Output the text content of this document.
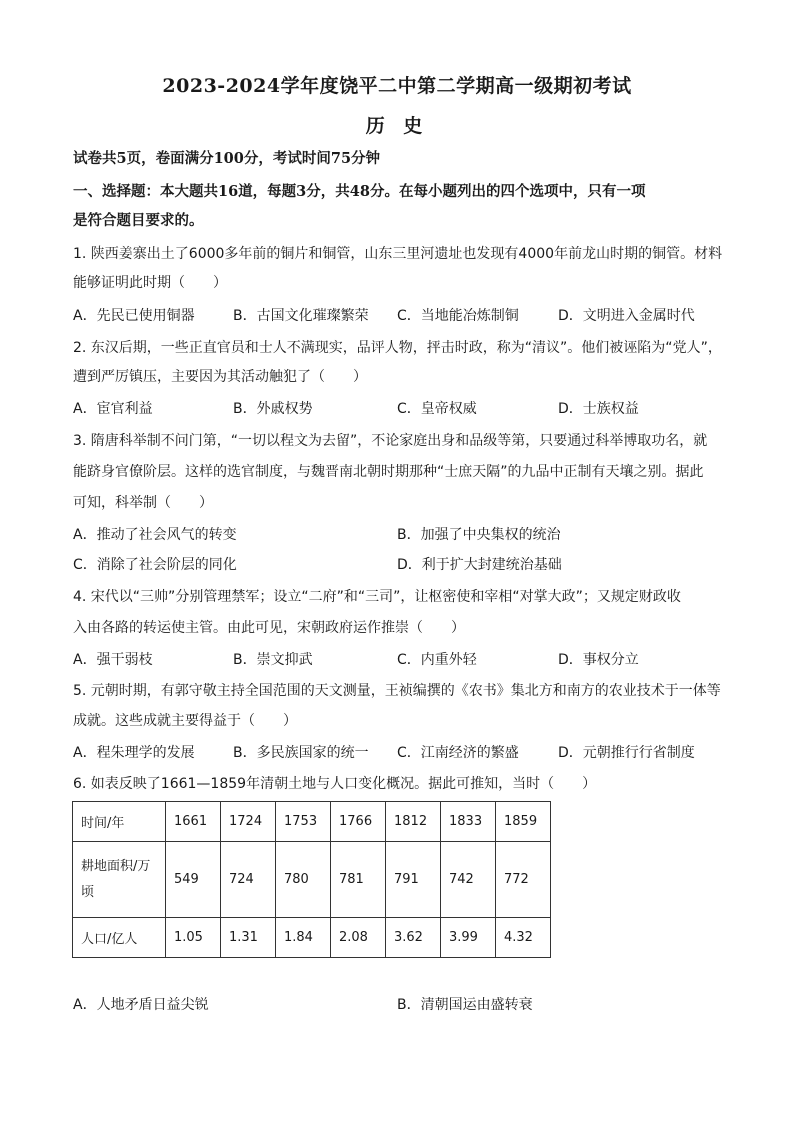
2023-2024学年度饶平二中第二学期高一级期初考试
历 史
试卷共5页，卷面满分100分，考试时间75分钟
一、选择题：本大题共16道，每题3分，共48分。在每小题列出的四个选项中，只有一项
是符合题目要求的。
1. 陕西姜寨出土了6000多年前的铜片和铜管，山东三里河遗址也发现有4000年前龙山时期的铜管。材料
能够证明此时期（　　）
A．先民已使用铜器	B．古国文化璀璨繁荣 C．当地能冶炼制铜	D．文明进入金属时代
2. 东汉后期，一些正直官员和士人不满现实，品评人物，抨击时政，称为“清议”。他们被诬陷为“党人”，
遭到严厉镇压，主要因为其活动触犯了（　　）
A．宦官利益	B．外戚权势	C．皇帝权威	D．士族权益
3. 隋唐科举制不问门第，“一切以程文为去留”，不论家庭出身和品级等第，只要通过科举博取功名，就
能跻身官僚阶层。这样的选官制度，与魏晋南北朝时期那种“士庶天隔”的九品中正制有天壤之别。据此
可知，科举制（　　）
A．推动了社会风气的转变	B．加强了中央集权的统治
C．消除了社会阶层的同化	D．利于扩大封建统治基础
4. 宋代以“三帅”分别管理禁军；设立“二府”和“三司”，让枢密使和宰相“对掌大政”；又规定财政收
入由各路的转运使主管。由此可见，宋朝政府运作推崇（　　）
A．强干弱枝	B．崇文抑武	C．内重外轻	D．事权分立
5. 元朝时期，有郭守敬主持全国范围的天文测量，王祯编撰的《农书》集北方和南方的农业技术于一体等
成就。这些成就主要得益于（　　）
A．程朱理学的发展	B．多民族国家的统一 C．江南经济的繁盛	D．元朝推行行省制度
6. 如表反映了1661—1859年清朝土地与人口变化概况。据此可推知，当时（　　）
时间/年	1661	1724	1753	1766	1812	1833	1859
耕地面积/万顷	549	724	780	781	791	742	772
人口/亿人	1.05	1.31	1.84	2.08	3.62	3.99	4.32
A．人地矛盾日益尖锐	B．清朝国运由盛转衰
